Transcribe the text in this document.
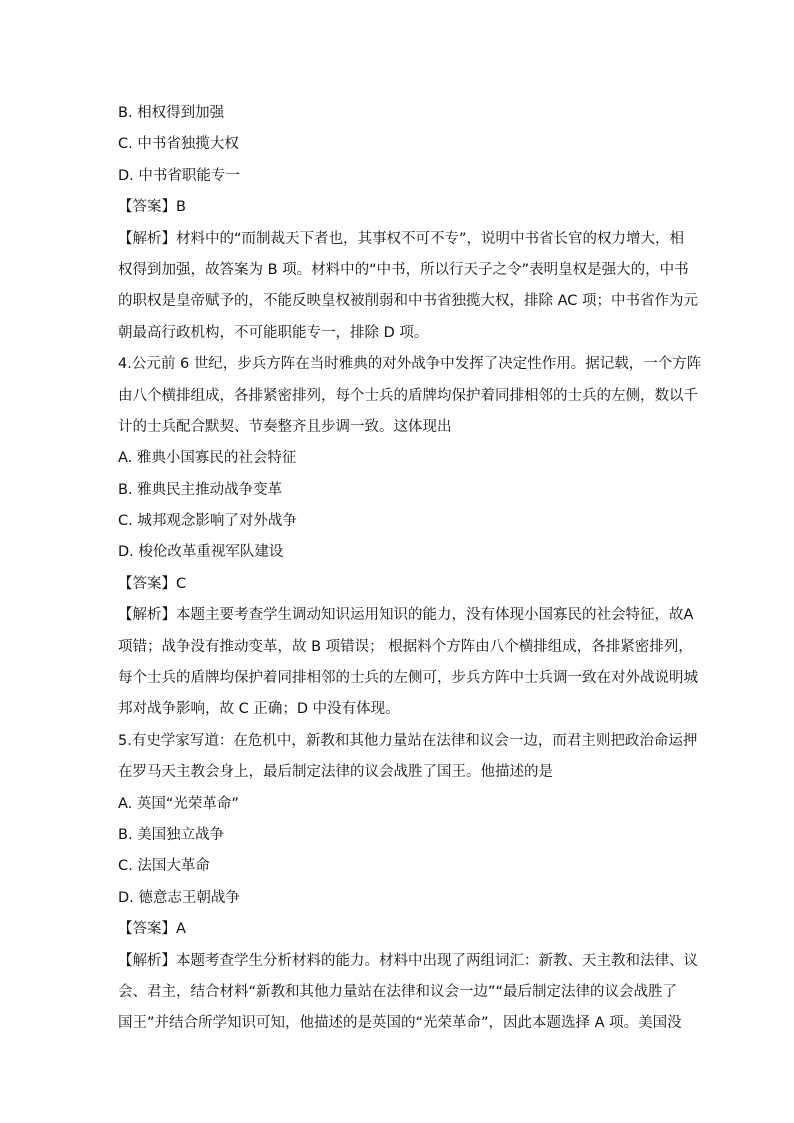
B. 相权得到加强
C. 中书省独揽大权
D. 中书省职能专一
【答案】B
【解析】材料中的“而制裁天下者也，其事权不可不专”，说明中书省长官的权力增大，相
权得到加强，故答案为 B 项。材料中的“中书，所以行天子之令”表明皇权是强大的，中书
的职权是皇帝赋予的，不能反映皇权被削弱和中书省独揽大权，排除 AC 项；中书省作为元
朝最高行政机构，不可能职能专一，排除 D 项。
4.公元前 6 世纪，步兵方阵在当时雅典的对外战争中发挥了决定性作用。据记载，一个方阵
由八个横排组成，各排紧密排列，每个士兵的盾牌均保护着同排相邻的士兵的左侧，数以千
计的士兵配合默契、节奏整齐且步调一致。这体现出
A. 雅典小国寡民的社会特征
B. 雅典民主推动战争变革
C. 城邦观念影响了对外战争
D. 梭伦改革重视军队建设
【答案】C
【解析】本题主要考查学生调动知识运用知识的能力，没有体现小国寡民的社会特征，故A
项错；战争没有推动变革，故 B 项错误； 根据料个方阵由八个横排组成，各排紧密排列，
每个士兵的盾牌均保护着同排相邻的士兵的左侧可，步兵方阵中士兵调一致在对外战说明城
邦对战争影响，故 C 正确；D 中没有体现。
5.有史学家写道：在危机中，新教和其他力量站在法律和议会一边，而君主则把政治命运押
在罗马天主教会身上，最后制定法律的议会战胜了国王。他描述的是
A. 英国“光荣革命”
B. 美国独立战争
C. 法国大革命
D. 德意志王朝战争
【答案】A
【解析】本题考查学生分析材料的能力。材料中出现了两组词汇：新教、天主教和法律、议
会、君主，结合材料“新教和其他力量站在法律和议会一边”“最后制定法律的议会战胜了
国王”并结合所学知识可知，他描述的是英国的“光荣革命”，因此本题选择 A 项。美国没
